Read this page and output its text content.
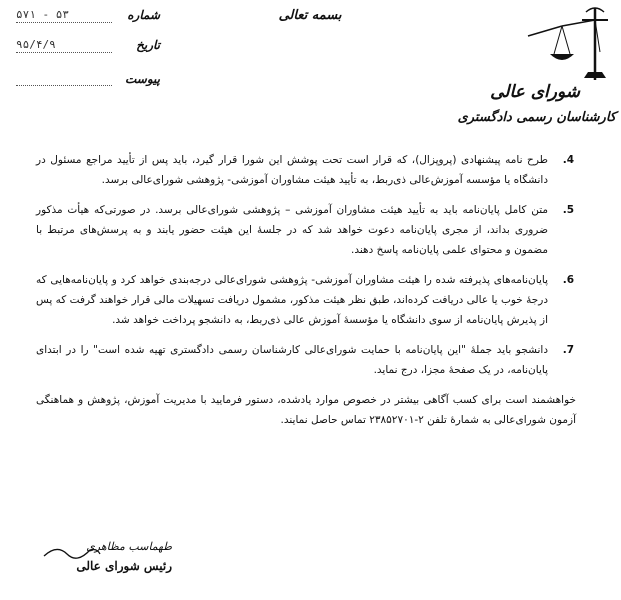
بسمه تعالی
شماره
۵۷۱ - ۵۳
تاریخ
۹۵/۴/۹
پیوست
شورای عالی
کارشناسان رسمی دادگستری
4.
طرح نامه پیشنهادی (پروپزال)، که قرار است تحت پوشش این شورا قرار گیرد، باید پس از تأیید مراجع مسئول در دانشگاه یا مؤسسه آموزش‌عالی ذی‌ربط، به تأیید هیئت مشاوران آموزشی- پژوهشی شورای‌عالی برسد.
5.
متن کامل پایان‌نامه باید به تأیید هیئت مشاوران آموزشی – پژوهشی شورای‌عالی برسد. در صورتی‌که هیأت مذکور ضروری بداند، از مجری پایان‌نامه دعوت خواهد شد که در جلسهٔ این هیئت حضور یابند و به پرسش‌های مرتبط با مضمون و محتوای علمی پایان‌نامه پاسخ دهند.
6.
پایان‌نامه‌های پذیرفته شده را هیئت مشاوران آموزشی- پژوهشی شورای‌عالی درجه‌بندی خواهد کرد و پایان‌نامه‌هایی که درجهٔ خوب یا عالی دریافت کرده‌اند، طبق نظر هیئت مذکور، مشمول دریافت تسهیلات مالی قرار خواهند گرفت که پس از پذیرش پایان‌نامه از سوی دانشگاه یا مؤسسهٔ آموزش عالی ذی‌ربط، به دانشجو پرداخت خواهد شد.
7.
دانشجو باید جملهٔ "این پایان‌نامه با حمایت شورای‌عالی کارشناسان رسمی دادگستری تهیه شده است" را در ابتدای پایان‌نامه، در یک صفحهٔ مجزا، درج نماید.
خواهشمند است برای کسب آگاهی بیشتر در خصوص موارد یادشده، دستور فرمایید با مدیریت آموزش، پژوهش و هماهنگی آزمون شورای‌عالی به شمارهٔ تلفن ۲-۲۳۸۵۲۷۰۱ تماس حاصل نمایند.
طهماسب مظاهری
رئیس شورای عالی
